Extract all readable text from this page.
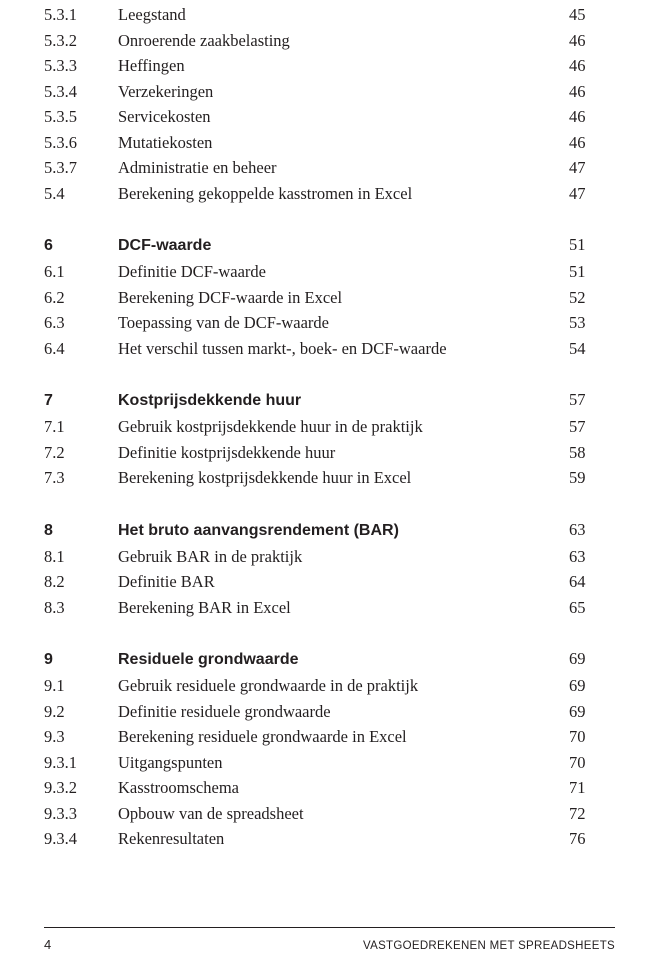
5.3.1	Leegstand	45
5.3.2	Onroerende zaakbelasting	46
5.3.3	Heffingen	46
5.3.4	Verzekeringen	46
5.3.5	Servicekosten	46
5.3.6	Mutatiekosten	46
5.3.7	Administratie en beheer	47
5.4	Berekening gekoppelde kasstromen in Excel	47
6	DCF-waarde	51
6.1	Definitie DCF-waarde	51
6.2	Berekening DCF-waarde in Excel	52
6.3	Toepassing van de DCF-waarde	53
6.4	Het verschil tussen markt-, boek- en DCF-waarde	54
7	Kostprijsdekkende huur	57
7.1	Gebruik kostprijsdekkende huur in de praktijk	57
7.2	Definitie kostprijsdekkende huur	58
7.3	Berekening kostprijsdekkende huur in Excel	59
8	Het bruto aanvangsrendement (BAR)	63
8.1	Gebruik BAR in de praktijk	63
8.2	Definitie BAR	64
8.3	Berekening BAR in Excel	65
9	Residuele grondwaarde	69
9.1	Gebruik residuele grondwaarde in de praktijk	69
9.2	Definitie residuele grondwaarde	69
9.3	Berekening residuele grondwaarde in Excel	70
9.3.1	Uitgangspunten	70
9.3.2	Kasstroomschema	71
9.3.3	Opbouw van de spreadsheet	72
9.3.4	Rekenresultaten	76
4	VASTGOEDREKENEN MET SPREADSHEETS
